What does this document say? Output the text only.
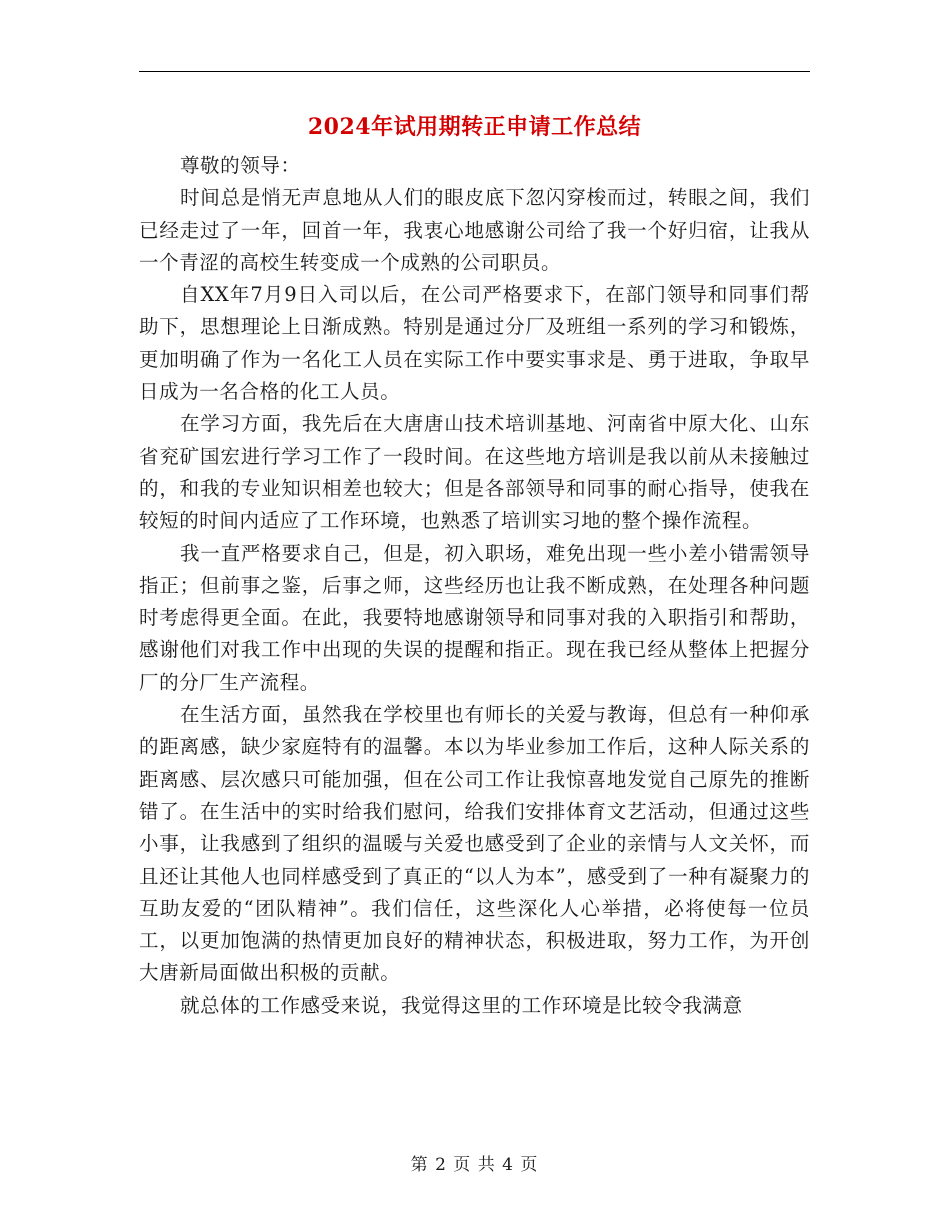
2024年试用期转正申请工作总结

尊敬的领导：

时间总是悄无声息地从人们的眼皮底下忽闪穿梭而过，转眼之间，我们已经走过了一年，回首一年，我衷心地感谢公司给了我一个好归宿，让我从一个青涩的高校生转变成一个成熟的公司职员。

自XX年7月9日入司以后，在公司严格要求下，在部门领导和同事们帮助下，思想理论上日渐成熟。特别是通过分厂及班组一系列的学习和锻炼，更加明确了作为一名化工人员在实际工作中要实事求是、勇于进取，争取早日成为一名合格的化工人员。

在学习方面，我先后在大唐唐山技术培训基地、河南省中原大化、山东省兖矿国宏进行学习工作了一段时间。在这些地方培训是我以前从未接触过的，和我的专业知识相差也较大；但是各部领导和同事的耐心指导，使我在较短的时间内适应了工作环境，也熟悉了培训实习地的整个操作流程。

我一直严格要求自己，但是，初入职场，难免出现一些小差小错需领导指正；但前事之鉴，后事之师，这些经历也让我不断成熟，在处理各种问题时考虑得更全面。在此，我要特地感谢领导和同事对我的入职指引和帮助，感谢他们对我工作中出现的失误的提醒和指正。现在我已经从整体上把握分厂的分厂生产流程。

在生活方面，虽然我在学校里也有师长的关爱与教诲，但总有一种仰承的距离感，缺少家庭特有的温馨。本以为毕业参加工作后，这种人际关系的距离感、层次感只可能加强，但在公司工作让我惊喜地发觉自己原先的推断错了。在生活中的实时给我们慰问，给我们安排体育文艺活动，但通过这些小事，让我感到了组织的温暖与关爱也感受到了企业的亲情与人文关怀，而且还让其他人也同样感受到了真正的“以人为本”，感受到了一种有凝聚力的互助友爱的“团队精神”。我们信任，这些深化人心举措，必将使每一位员工，以更加饱满的热情更加良好的精神状态，积极进取，努力工作，为开创大唐新局面做出积极的贡献。

就总体的工作感受来说，我觉得这里的工作环境是比较令我满意

第 2 页 共 4 页
